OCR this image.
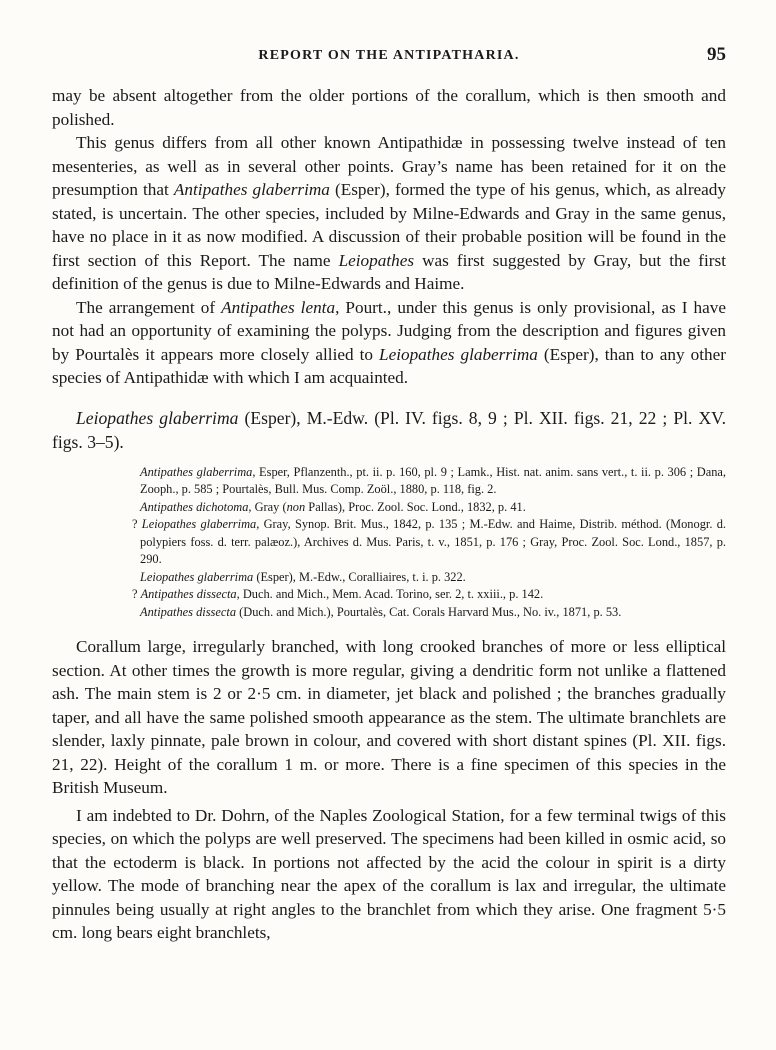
REPORT ON THE ANTIPATHARIA.	95

may be absent altogether from the older portions of the corallum, which is then smooth and polished.

This genus differs from all other known Antipathidæ in possessing twelve instead of ten mesenteries, as well as in several other points. Gray’s name has been retained for it on the presumption that Antipathes glaberrima (Esper), formed the type of his genus, which, as already stated, is uncertain. The other species, included by Milne-Edwards and Gray in the same genus, have no place in it as now modified. A discussion of their probable position will be found in the first section of this Report. The name Leiopathes was first suggested by Gray, but the first definition of the genus is due to Milne-Edwards and Haime.

The arrangement of Antipathes lenta, Pourt., under this genus is only provisional, as I have not had an opportunity of examining the polyps. Judging from the description and figures given by Pourtalès it appears more closely allied to Leiopathes glaberrima (Esper), than to any other species of Antipathidæ with which I am acquainted.

Leiopathes glaberrima (Esper), M.-Edw. (Pl. IV. figs. 8, 9 ; Pl. XII. figs. 21, 22 ; Pl. XV. figs. 3–5).

Antipathes glaberrima, Esper, Pflanzenth., pt. ii. p. 160, pl. 9 ; Lamk., Hist. nat. anim. sans vert., t. ii. p. 306 ; Dana, Zooph., p. 585 ; Pourtalès, Bull. Mus. Comp. Zoöl., 1880, p. 118, fig. 2.
Antipathes dichotoma, Gray (non Pallas), Proc. Zool. Soc. Lond., 1832, p. 41.
? Leiopathes glaberrima, Gray, Synop. Brit. Mus., 1842, p. 135 ; M.-Edw. and Haime, Distrib. méthod. (Monogr. d. polypiers foss. d. terr. palæoz.), Archives d. Mus. Paris, t. v., 1851, p. 176 ; Gray, Proc. Zool. Soc. Lond., 1857, p. 290.
Leiopathes glaberrima (Esper), M.-Edw., Coralliaires, t. i. p. 322.
? Antipathes dissecta, Duch. and Mich., Mem. Acad. Torino, ser. 2, t. xxiii., p. 142.
Antipathes dissecta (Duch. and Mich.), Pourtalès, Cat. Corals Harvard Mus., No. iv., 1871, p. 53.

Corallum large, irregularly branched, with long crooked branches of more or less elliptical section. At other times the growth is more regular, giving a dendritic form not unlike a flattened ash. The main stem is 2 or 2·5 cm. in diameter, jet black and polished ; the branches gradually taper, and all have the same polished smooth appearance as the stem. The ultimate branchlets are slender, laxly pinnate, pale brown in colour, and covered with short distant spines (Pl. XII. figs. 21, 22). Height of the corallum 1 m. or more. There is a fine specimen of this species in the British Museum.

I am indebted to Dr. Dohrn, of the Naples Zoological Station, for a few terminal twigs of this species, on which the polyps are well preserved. The specimens had been killed in osmic acid, so that the ectoderm is black. In portions not affected by the acid the colour in spirit is a dirty yellow. The mode of branching near the apex of the corallum is lax and irregular, the ultimate pinnules being usually at right angles to the branchlet from which they arise. One fragment 5·5 cm. long bears eight branchlets,
